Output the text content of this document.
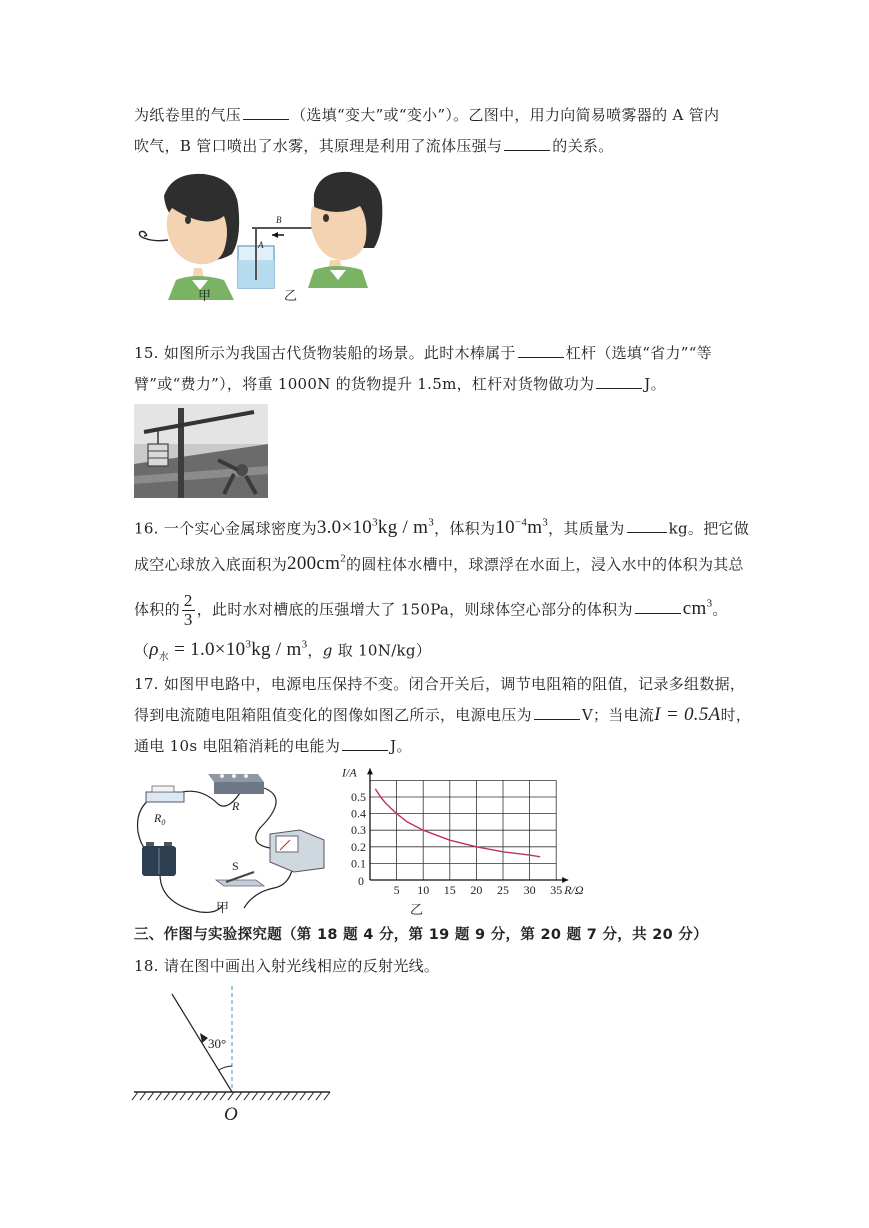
为纸卷里的气压	（选填“变大”或“变小”）。乙图中，用力向简易喷雾器的 A 管内
吹气，B 管口喷出了水雾，其原理是利用了流体压强与	的关系。
B
A
甲	乙
15. 如图所示为我国古代货物装船的场景。此时木棒属于	杠杆（选填“省力”“等
臂”或“费力”），将重 1000N 的货物提升 1.5m，杠杆对货物做功为	J。
16. 一个实心金属球密度为$3.0\times 10^3kg / m^3$，体积为$10^{-4}m^3$，其质量为	kg。把它做
成空心球放入底面积为$200cm^2$的圆柱体水槽中，球漂浮在水面上，浸入水中的体积为其总
体积的 $\frac{2}{3}$ ，此时水对槽底的压强增大了 150Pa，则球体空心部分的体积为	$cm^3$。
（$\rho_水 = 1.0\times 10^3kg / m^3$，g 取 10N/kg）
17. 如图甲电路中，电源电压保持不变。闭合开关后，调节电阻箱的阻值，记录多组数据，
得到电流随电阻箱阻值变化的图像如图乙所示，电源电压为	V；当电流I = 0.5A时，
通电 10s 电阻箱消耗的电能为	J。
$R_0$
R
S
甲
5 10 15 20 25 30 35
0.1
0.2
0.3
0.4
0.5
I/A
R/Ω
0
乙
三、作图与实验探究题（第 18 题 4 分，第 19 题 9 分，第 20 题 7 分，共 20 分）
18. 请在图中画出入射光线相应的反射光线。
30°
O
